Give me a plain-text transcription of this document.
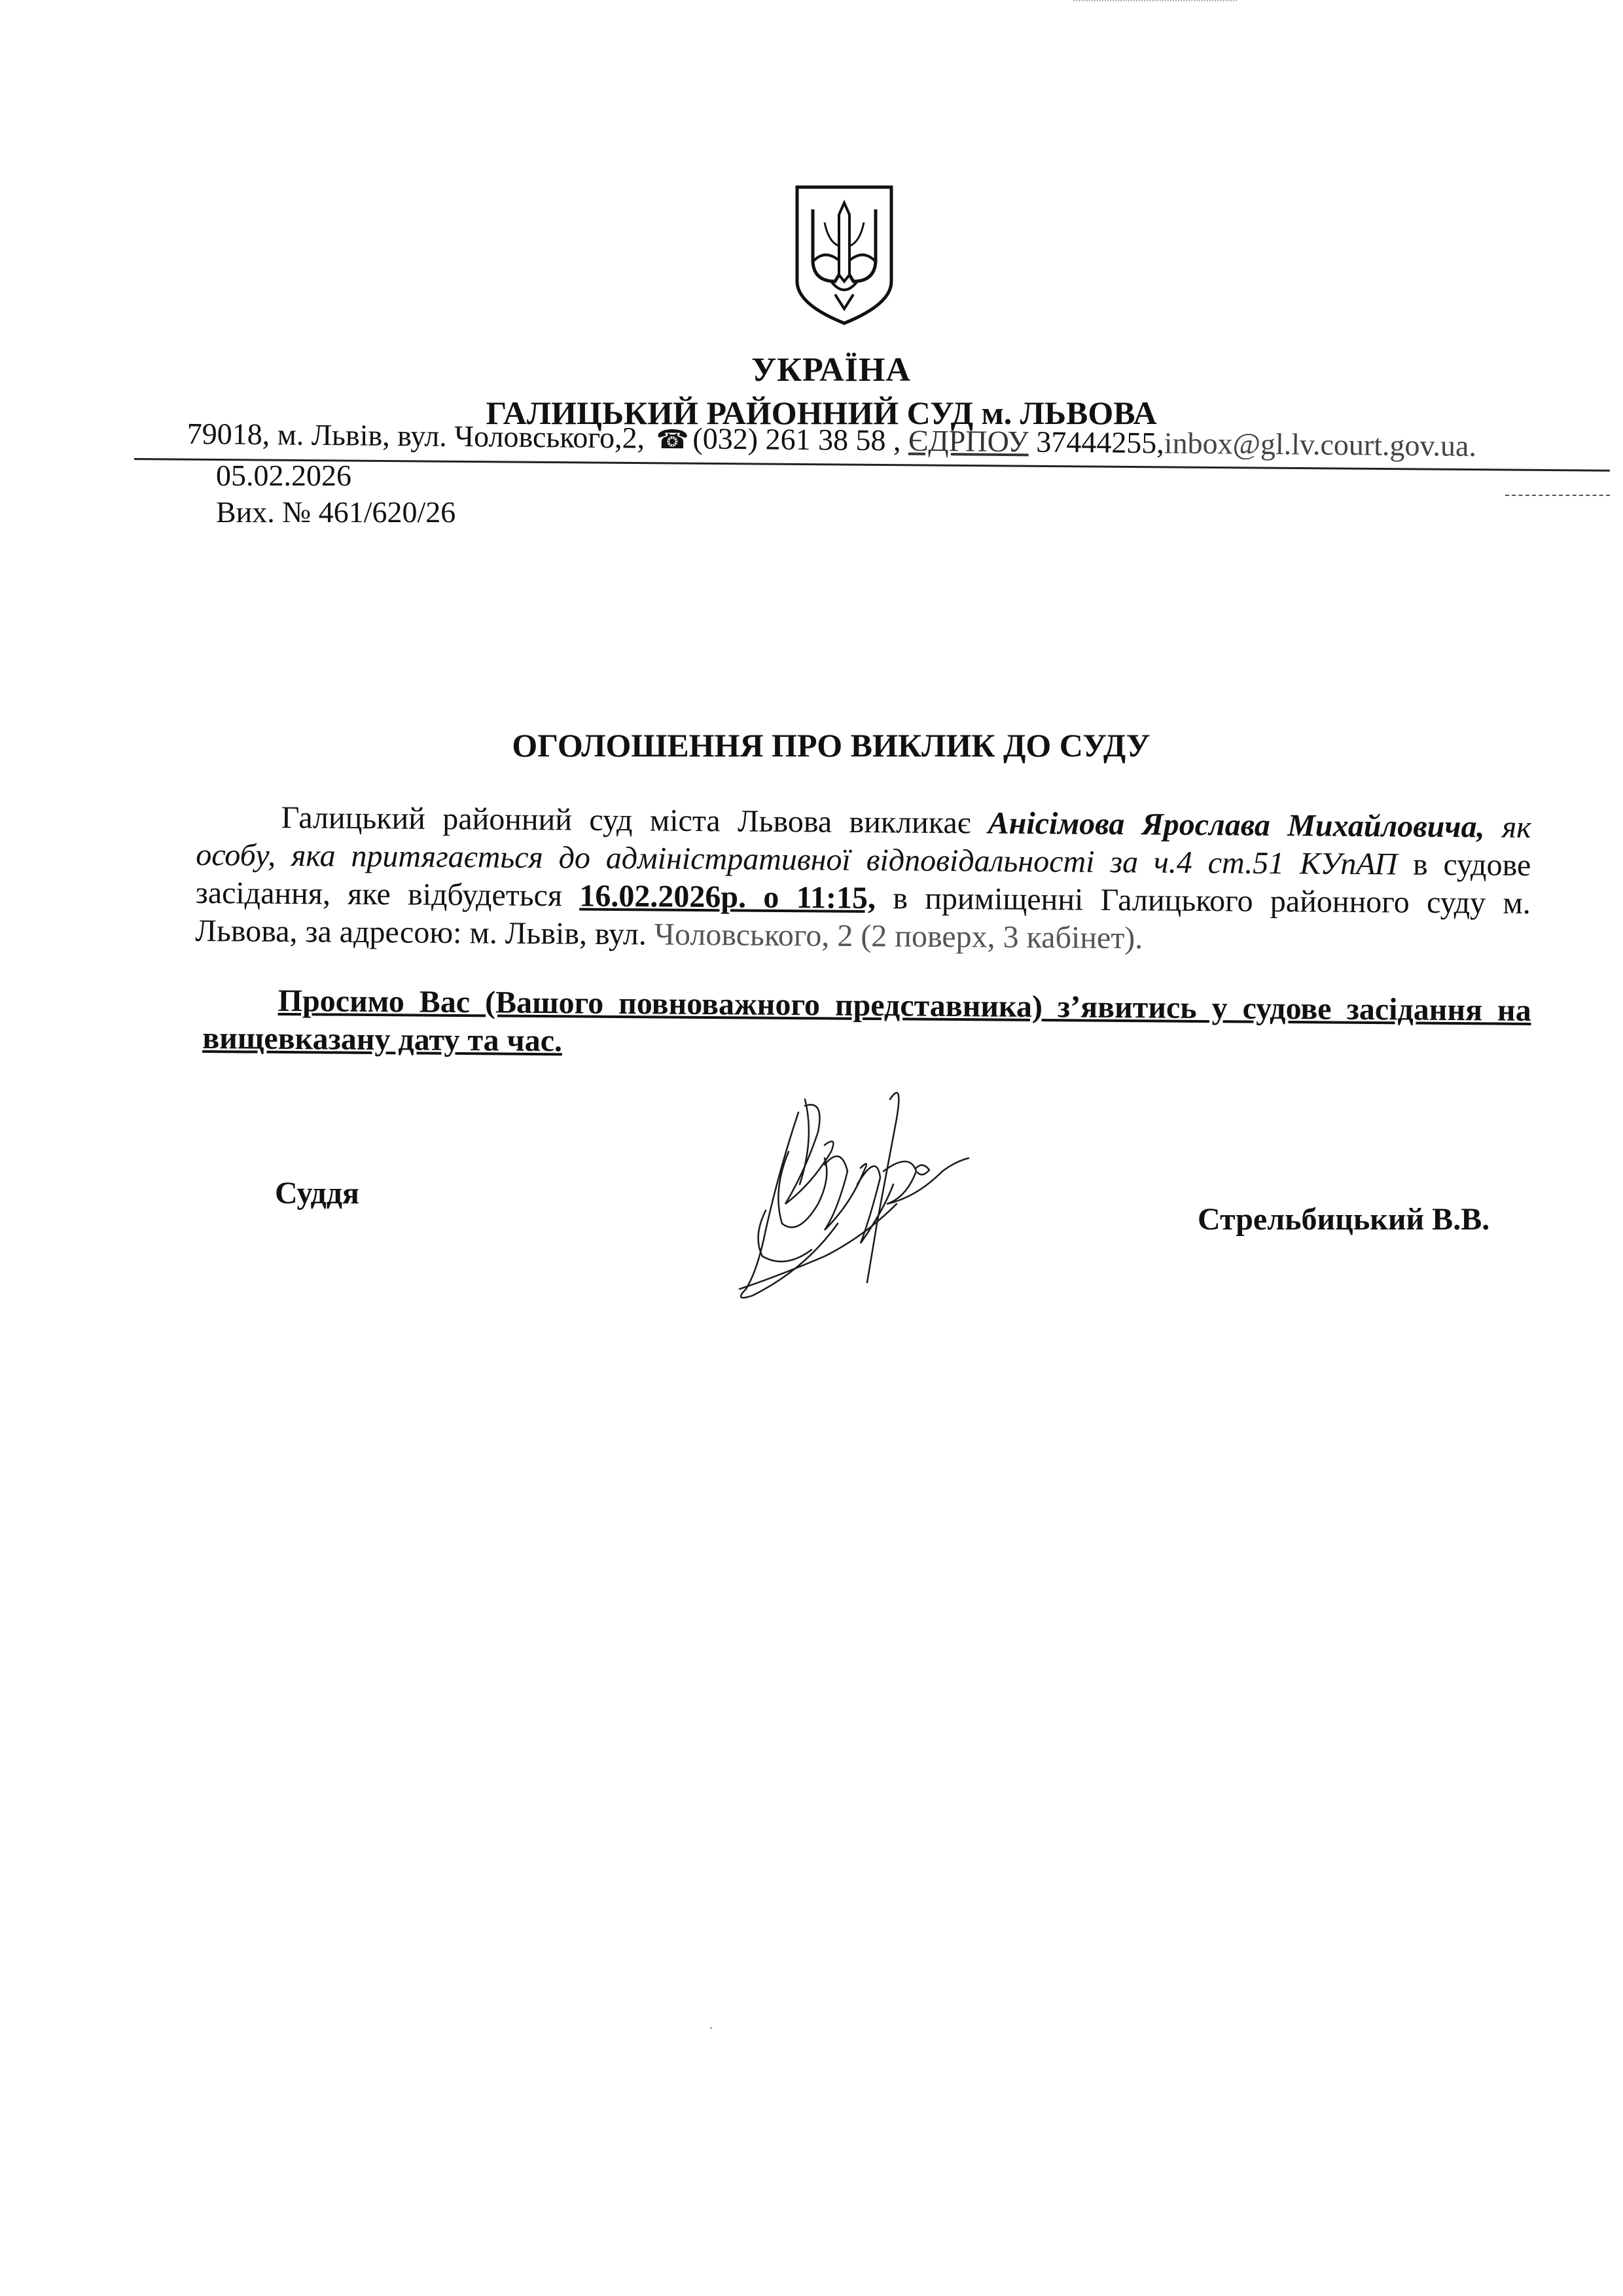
УКРАЇНА
ГАЛИЦЬКИЙ РАЙОННИЙ СУД м. ЛЬВОВА
79018, м. Львів, вул. Чоловського,2, ☎ (032) 261 38 58 , ЄДРПОУ 37444255,inbox@gl.lv.court.gov.ua.
05.02.2026
Вих. № 461/620/26
ОГОЛОШЕННЯ ПРО ВИКЛИК ДО СУДУ
Галицький районний суд міста Львова викликає Анісімова Ярослава Михайловича, як особу, яка притягається до адміністративної відповідальності за ч.4 ст.51 КУпАП в судове засідання, яке відбудеться 16.02.2026р. о 11:15, в приміщенні Галицького районного суду м. Львова, за адресою: м. Львів, вул. Чоловського, 2 (2 поверх, 3 кабінет).
Просимо Вас (Вашого повноважного представника) з’явитись у судове засідання на вищевказану дату та час.
Суддя
Стрельбицький В.В.
